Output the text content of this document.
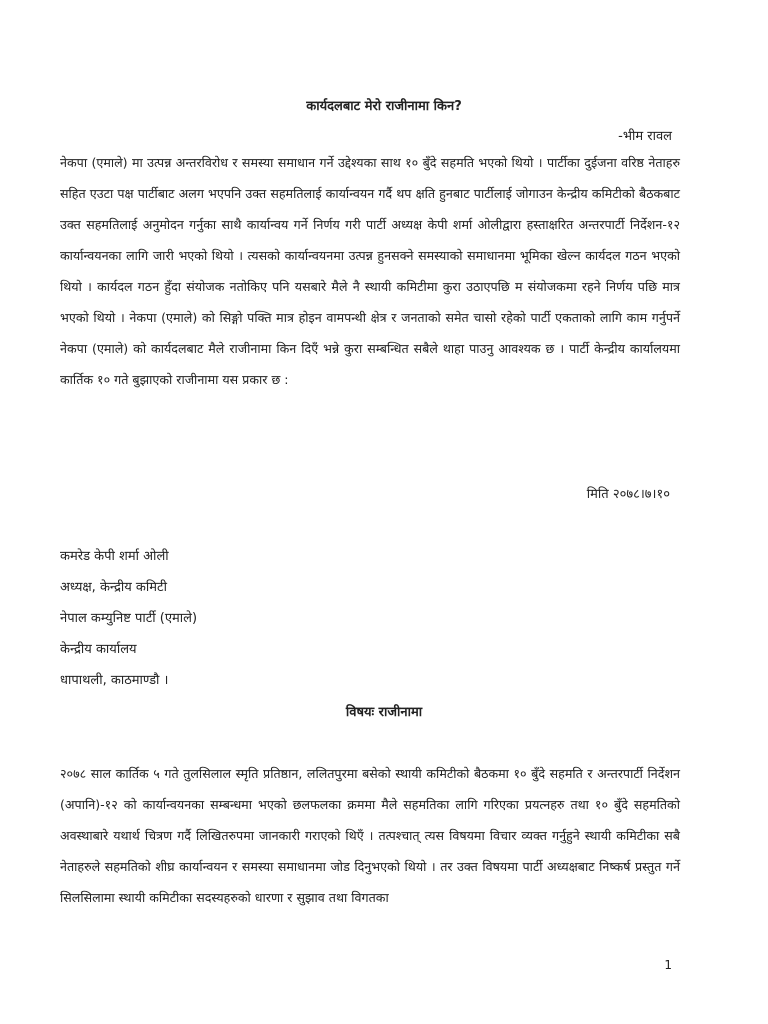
कार्यदलबाट मेरो राजीनामा किन?
-भीम रावल
नेकपा (एमाले) मा उत्पन्न अन्तरविरोध र समस्या समाधान गर्ने उद्देश्यका साथ १० बुँदे सहमति भएको थियो । पार्टीका दुईजना वरिष्ठ नेताहरु सहित एउटा पक्ष पार्टीबाट अलग भएपनि उक्त सहमतिलाई कार्यान्वयन गर्दै थप क्षति हुनबाट पार्टीलाई जोगाउन केन्द्रीय कमिटीको बैठकबाट उक्त सहमतिलाई अनुमोदन गर्नुका साथै कार्यान्वय गर्ने निर्णय गरी पार्टी अध्यक्ष केपी शर्मा ओलीद्वारा हस्ताक्षरित अन्तरपार्टी निर्देशन-१२ कार्यान्वयनका लागि जारी भएको थियो । त्यसको कार्यान्वयनमा उत्पन्न हुनसक्ने समस्याको समाधानमा भूमिका खेल्न कार्यदल गठन भएको थियो । कार्यदल गठन हुँदा संयोजक नतोकिए पनि यसबारे मैले नै स्थायी कमिटीमा कुरा उठाएपछि म संयोजकमा रहने निर्णय पछि मात्र भएको थियो । नेकपा (एमाले) को सिङ्गो पक्ति मात्र होइन वामपन्थी क्षेत्र र जनताको समेत चासो रहेको पार्टी एकताको लागि काम गर्नुपर्ने नेकपा (एमाले) को कार्यदलबाट मैले राजीनामा किन दिएँ भन्ने कुरा सम्बन्धित सबैले थाहा पाउनु आवश्यक छ । पार्टी केन्द्रीय कार्यालयमा कार्तिक १० गते बुझाएको राजीनामा यस प्रकार छ :
मिति २०७८।७।१०
कमरेड केपी शर्मा ओली
अध्यक्ष, केन्द्रीय कमिटी
नेपाल कम्युनिष्ट पार्टी (एमाले)
केन्द्रीय कार्यालय
धापाथली, काठमाण्डौ ।
विषयः राजीनामा
२०७८ साल कार्तिक ५ गते तुलसिलाल स्मृति प्रतिष्ठान, ललितपुरमा बसेको स्थायी कमिटीको बैठकमा १० बुँदे सहमति र अन्तरपार्टी निर्देशन (अपानि)-१२ को कार्यान्वयनका सम्बन्धमा भएको छलफलका क्रममा मैले सहमतिका लागि गरिएका प्रयत्नहरु तथा १० बुँदे सहमतिको अवस्थाबारे यथार्थ चित्रण गर्दै लिखितरुपमा जानकारी गराएको थिएँ । तत्पश्चात् त्यस विषयमा विचार व्यक्त गर्नुहुने स्थायी कमिटीका सबै नेताहरुले सहमतिको शीघ्र कार्यान्वयन र समस्या समाधानमा जोड दिनुभएको थियो । तर उक्त विषयमा पार्टी अध्यक्षबाट निष्कर्ष प्रस्तुत गर्ने सिलसिलामा स्थायी कमिटीका सदस्यहरुको धारणा र सुझाव तथा विगतका
1
